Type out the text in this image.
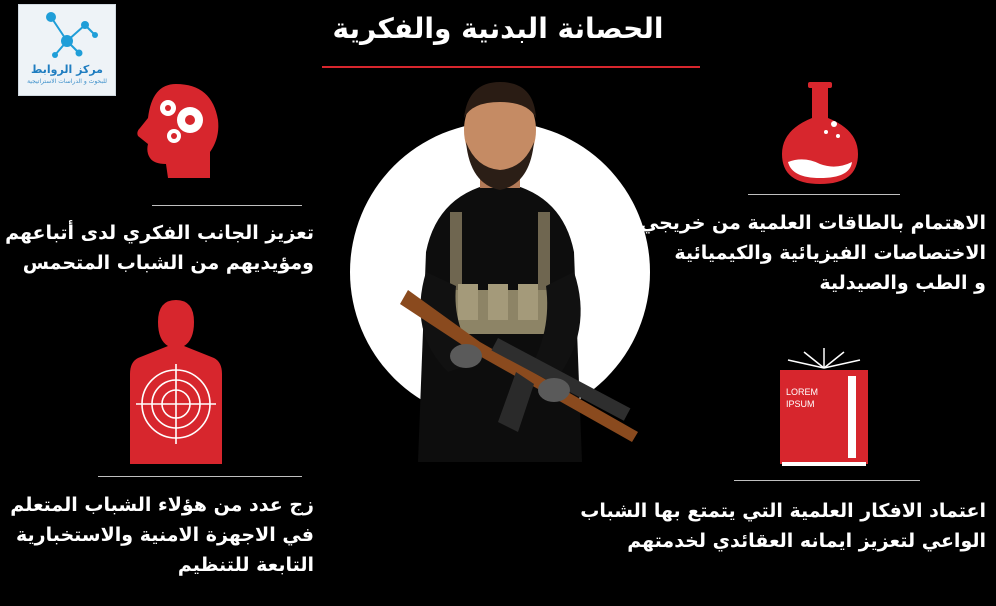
مركز الروابط
للبحوث و الدراسات الاستراتيجية
الحصانة البدنية والفكرية
تعزيز الجانب الفكري لدى أتباعهم
ومؤيديهم من الشباب المتحمس
زج عدد من هؤلاء الشباب المتعلم
في الاجهزة الامنية والاستخبارية
التابعة للتنظيم
الاهتمام بالطاقات العلمية من خريجي
الاختصاصات الفيزيائية والكيميائية
و الطب والصيدلية
LOREM
IPSUM
اعتماد الافكار العلمية التي يتمتع بها الشباب
الواعي لتعزيز ايمانه العقائدي لخدمتهم
